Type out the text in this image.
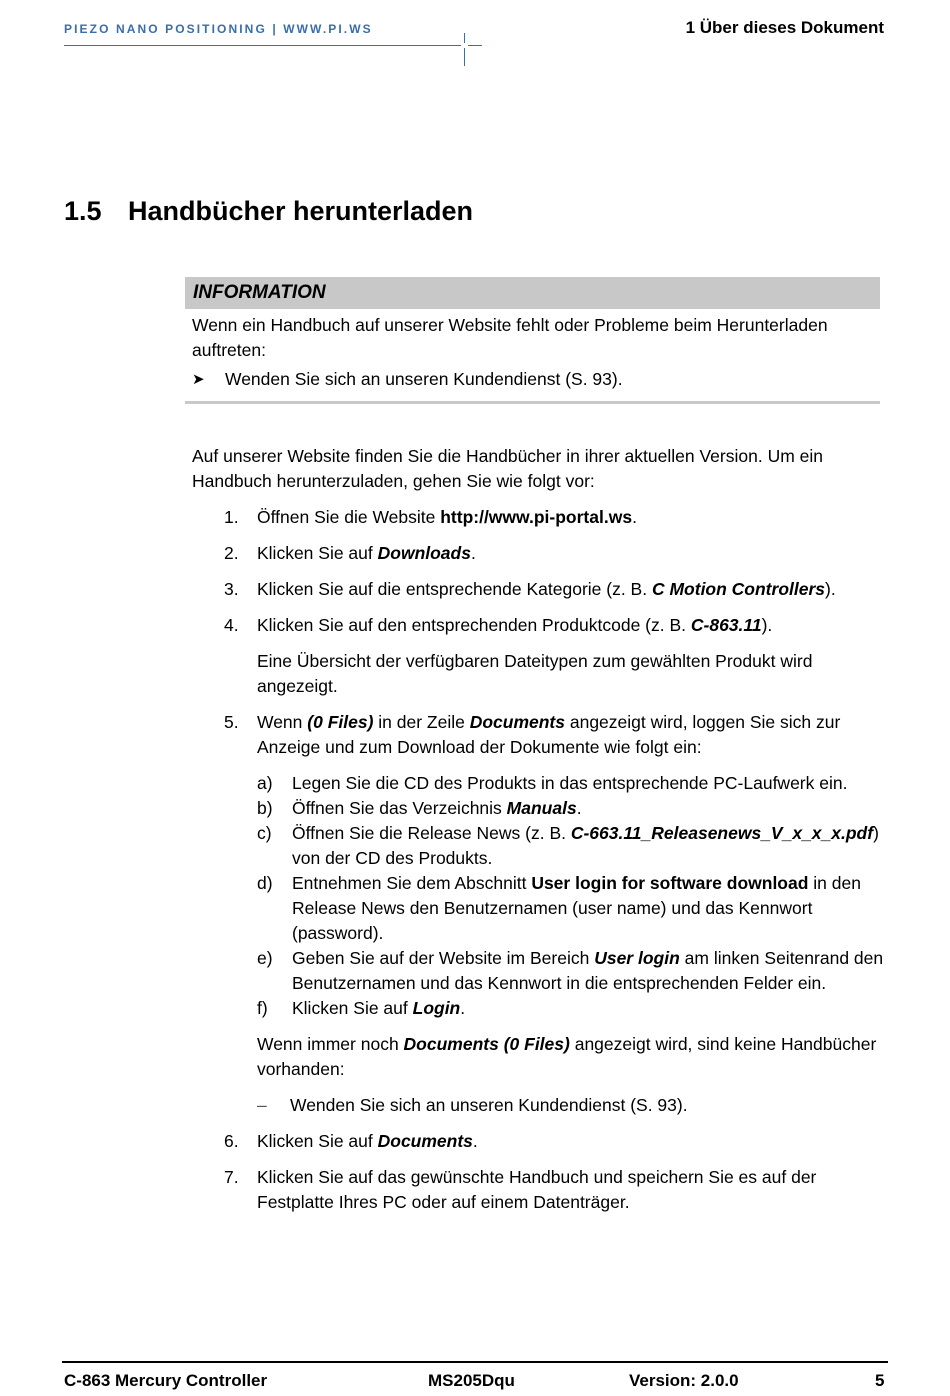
PIEZO NANO POSITIONING | WWW.PI.WS	1 Über dieses Dokument
1.5 Handbücher herunterladen
INFORMATION
Wenn ein Handbuch auf unserer Website fehlt oder Probleme beim Herunterladen auftreten:
➤ Wenden Sie sich an unseren Kundendienst (S. 93).

Auf unserer Website finden Sie die Handbücher in ihrer aktuellen Version. Um ein Handbuch herunterzuladen, gehen Sie wie folgt vor:

1. Öffnen Sie die Website http://www.pi-portal.ws.
2. Klicken Sie auf Downloads.
3. Klicken Sie auf die entsprechende Kategorie (z. B. C Motion Controllers).
4. Klicken Sie auf den entsprechenden Produktcode (z. B. C-863.11).
Eine Übersicht der verfügbaren Dateitypen zum gewählten Produkt wird angezeigt.
5. Wenn (0 Files) in der Zeile Documents angezeigt wird, loggen Sie sich zur Anzeige und zum Download der Dokumente wie folgt ein:
a) Legen Sie die CD des Produkts in das entsprechende PC-Laufwerk ein.
b) Öffnen Sie das Verzeichnis Manuals.
c) Öffnen Sie die Release News (z. B. C-663.11_Releasenews_V_x_x_x.pdf) von der CD des Produkts.
d) Entnehmen Sie dem Abschnitt User login for software download in den Release News den Benutzernamen (user name) und das Kennwort (password).
e) Geben Sie auf der Website im Bereich User login am linken Seitenrand den Benutzernamen und das Kennwort in die entsprechenden Felder ein.
f) Klicken Sie auf Login.
Wenn immer noch Documents (0 Files) angezeigt wird, sind keine Handbücher vorhanden:
– Wenden Sie sich an unseren Kundendienst (S. 93).
6. Klicken Sie auf Documents.
7. Klicken Sie auf das gewünschte Handbuch und speichern Sie es auf der Festplatte Ihres PC oder auf einem Datenträger.
C-863 Mercury Controller	MS205Dqu	Version: 2.0.0	5
